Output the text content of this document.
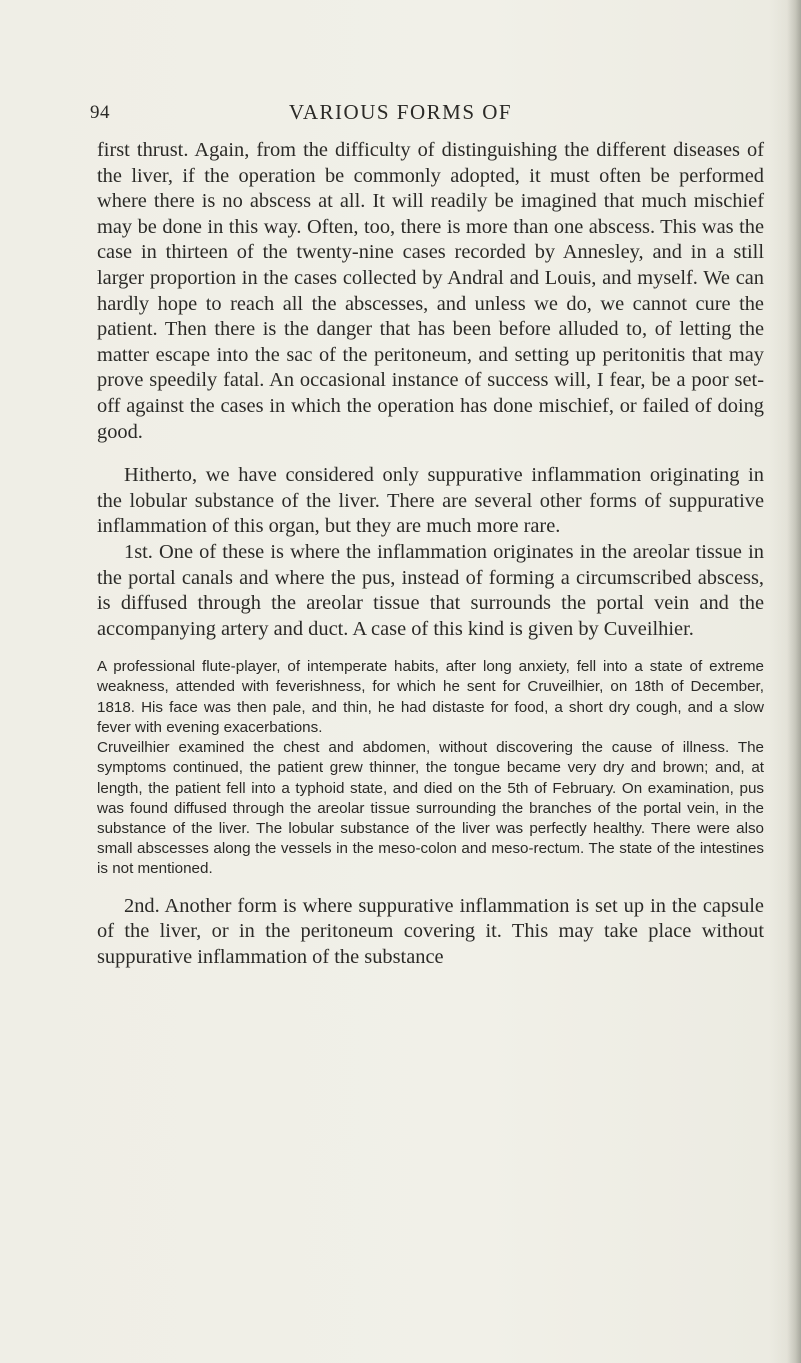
94	VARIOUS FORMS OF

first thrust. Again, from the difficulty of distinguishing the different diseases of the liver, if the operation be commonly adopted, it must often be performed where there is no abscess at all. It will readily be imagined that much mischief may be done in this way. Often, too, there is more than one abscess. This was the case in thirteen of the twenty-nine cases recorded by Annesley, and in a still larger proportion in the cases collected by Andral and Louis, and myself. We can hardly hope to reach all the abscesses, and unless we do, we cannot cure the patient. Then there is the danger that has been before alluded to, of letting the matter escape into the sac of the peritoneum, and setting up peritonitis that may prove speedily fatal. An occasional instance of success will, I fear, be a poor set-off against the cases in which the operation has done mischief, or failed of doing good.

Hitherto, we have considered only suppurative inflammation originating in the lobular substance of the liver. There are several other forms of suppurative inflammation of this organ, but they are much more rare.

1st. One of these is where the inflammation originates in the areolar tissue in the portal canals and where the pus, instead of forming a circumscribed abscess, is diffused through the areolar tissue that surrounds the portal vein and the accompanying artery and duct. A case of this kind is given by Cuveilhier.

A professional flute-player, of intemperate habits, after long anxiety, fell into a state of extreme weakness, attended with feverishness, for which he sent for Cruveilhier, on 18th of December, 1818. His face was then pale, and thin, he had distaste for food, a short dry cough, and a slow fever with evening exacerbations.

Cruveilhier examined the chest and abdomen, without discovering the cause of illness. The symptoms continued, the patient grew thinner, the tongue became very dry and brown; and, at length, the patient fell into a typhoid state, and died on the 5th of February. On examination, pus was found diffused through the areolar tissue surrounding the branches of the portal vein, in the substance of the liver. The lobular substance of the liver was perfectly healthy. There were also small abscesses along the vessels in the meso-colon and meso-rectum. The state of the intestines is not mentioned.

2nd. Another form is where suppurative inflammation is set up in the capsule of the liver, or in the peritoneum covering it. This may take place without suppurative inflammation of the substance
